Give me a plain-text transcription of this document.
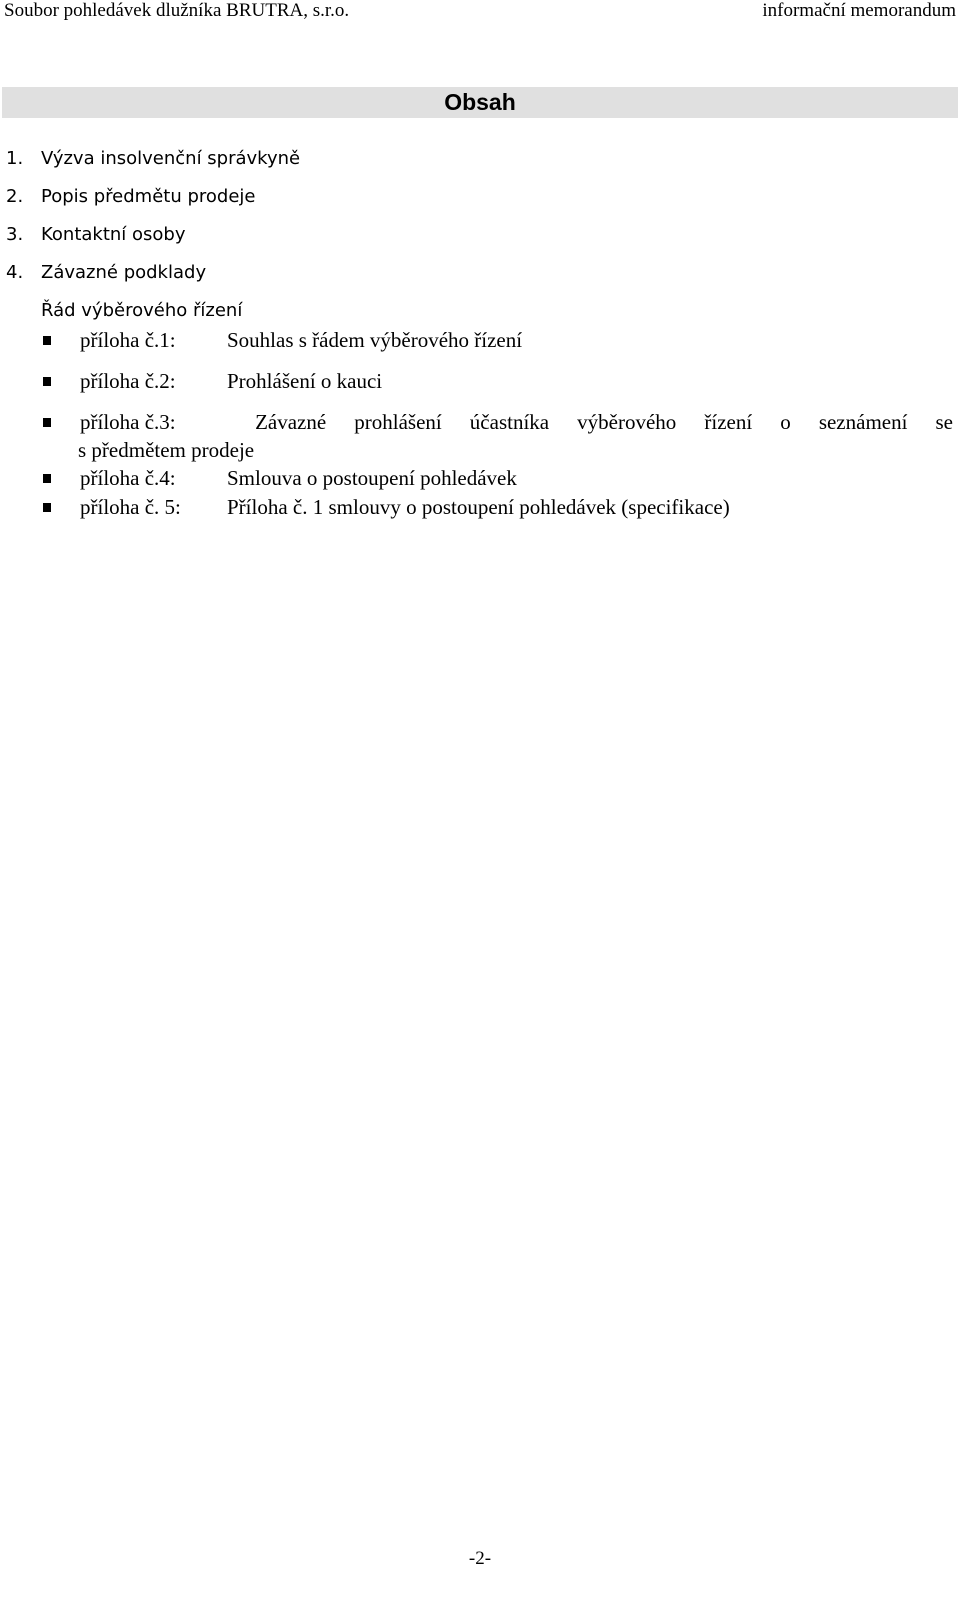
Soubor pohledávek dlužníka BRUTRA, s.r.o.	informační memorandum
Obsah
1. Výzva insolvenční správkyně
2. Popis předmětu prodeje
3. Kontaktní osoby
4. Závazné podklady
Řád výběrového řízení
příloha č.1: Souhlas s řádem výběrového řízení
příloha č.2: Prohlášení o kauci
příloha č.3:	Závazné prohlášení účastníka výběrového řízení o seznámení se
s předmětem prodeje
příloha č.4: Smlouva o postoupení pohledávek
příloha č. 5: Příloha č. 1 smlouvy o postoupení pohledávek (specifikace)
-2-
